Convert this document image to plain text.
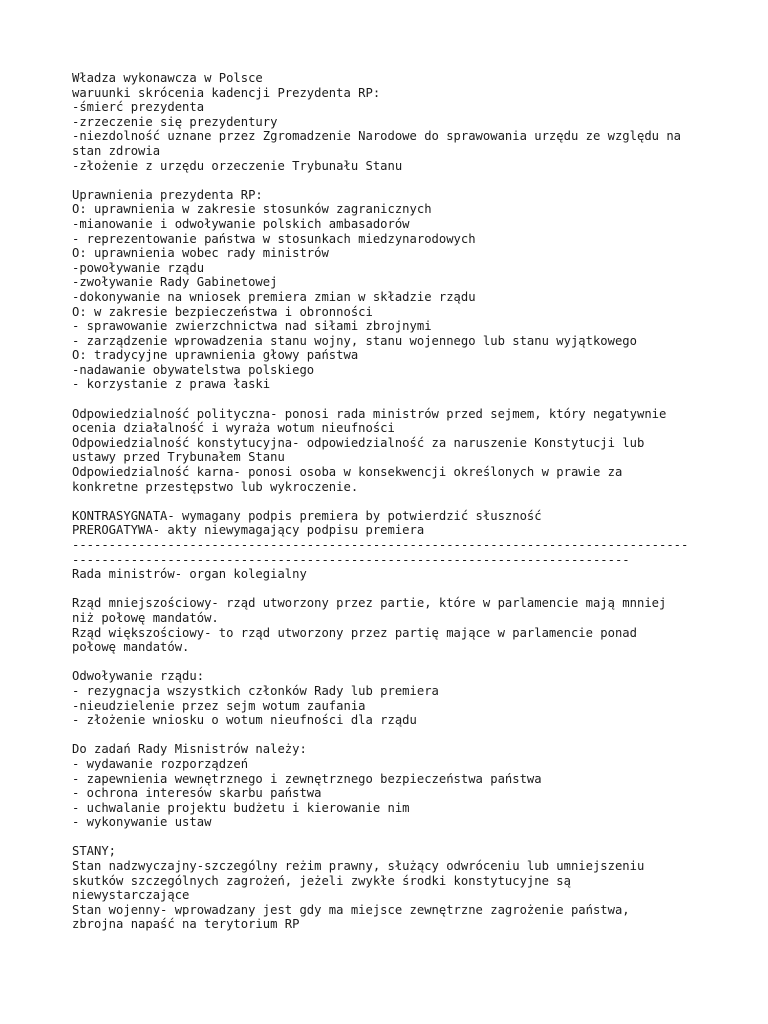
Władza wykonawcza w Polsce
waruunki skrócenia kadencji Prezydenta RP:
-śmierć prezydenta
-zrzeczenie się prezydentury
-niezdolność uznane przez Zgromadzenie Narodowe do sprawowania urzędu ze względu na
stan zdrowia
-złożenie z urzędu orzeczenie Trybunału Stanu
Uprawnienia prezydenta RP:
O: uprawnienia w zakresie stosunków zagranicznych
-mianowanie i odwoływanie polskich ambasadorów
- reprezentowanie państwa w stosunkach miedzynarodowych
O: uprawnienia wobec rady ministrów
-powoływanie rządu
-zwoływanie Rady Gabinetowej
-dokonywanie na wniosek premiera zmian w składzie rządu
O: w zakresie bezpieczeństwa i obronności
- sprawowanie zwierzchnictwa nad siłami zbrojnymi
- zarządzenie wprowadzenia stanu wojny, stanu wojennego lub stanu wyjątkowego
O: tradycyjne uprawnienia głowy państwa
-nadawanie obywatelstwa polskiego
- korzystanie z prawa łaski
Odpowiedzialność polityczna- ponosi rada ministrów przed sejmem, który negatywnie
ocenia działalność i wyraża wotum nieufności
Odpowiedzialność konstytucyjna- odpowiedzialność za naruszenie Konstytucji lub
ustawy przed Trybunałem Stanu
Odpowiedzialność karna- ponosi osoba w konsekwencji określonych w prawie za
konkretne przestępstwo lub wykroczenie.
KONTRASYGNATA- wymagany podpis premiera by potwierdzić słuszność
PREROGATYWA- akty niewymagający podpisu premiera
------------------------------------------------------------------------------------
----------------------------------------------------------------------------
Rada ministrów- organ kolegialny
Rząd mniejszościowy- rząd utworzony przez partie, które w parlamencie mają mnniej
niż połowę mandatów.
Rząd większościowy- to rząd utworzony przez partię mające w parlamencie ponad
połowę mandatów.
Odwoływanie rządu:
- rezygnacja wszystkich członków Rady lub premiera
-nieudzielenie przez sejm wotum zaufania
- złożenie wniosku o wotum nieufności dla rządu
Do zadań Rady Misnistrów należy:
- wydawanie rozporządzeń
- zapewnienia wewnętrznego i zewnętrznego bezpieczeństwa państwa
- ochrona interesów skarbu państwa
- uchwalanie projektu budżetu i kierowanie nim
- wykonywanie ustaw
STANY;
Stan nadzwyczajny-szczególny reżim prawny, służący odwróceniu lub umniejszeniu
skutków szczególnych zagrożeń, jeżeli zwykłe środki konstytucyjne są
niewystarczające
Stan wojenny- wprowadzany jest gdy ma miejsce zewnętrzne zagrożenie państwa,
zbrojna napaść na terytorium RP
